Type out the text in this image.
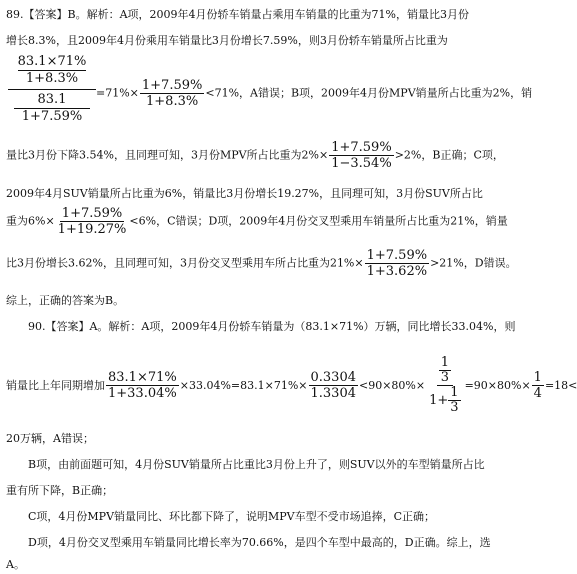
89.【答案】B。解析：A项，2009年4月份轿车销量占乘用车销量的比重为71%，销量比3月份
增长8.3%，且2009年4月份乘用车销量比3月份增长7.59%，则3月份轿车销量所占比重为
83.1×71%
1+8.3%
83.1
1+7.59%
$=71\%\times \frac{1+7.59\%}{1+8.3\%} <71\%$，A错误；B项，2009年4月份MPV销量所占比重为2%，销
量比3月份下降3.54%，且同理可知，3月份MPV所占比重为$2\%\times \frac{1+7.59\%}{1-3.54\%} >2\%$，B正确；C项，
2009年4月SUV销量所占比重为6%，销量比3月份增长19.27%，且同理可知，3月份SUV所占比
重为$6\%\times \frac{1+7.59\%}{1+19.27\%} <6\%$，C错误；D项，2009年4月份交叉型乘用车销量所占比重为21%，销量
比3月份增长3.62%，且同理可知，3月份交叉型乘用车所占比重为$21\%\times \frac{1+7.59\%}{1+3.62\%} >21\%$，D错误。
综上，正确的答案为B。
90.【答案】A。解析：A项，2009年4月份轿车销量为（83.1×71%）万辆，同比增长33.04%，则
销量比上年同期增加 $\frac{83.1\times 71\%}{1+33.04\%} \times 33.04\%=83.1\times 71\%\times \frac{0.3304}{1.3304} <90\times 80\%\times 1$
3
$1+ \frac{1}{3} =90\times 80\%\times \frac{1}{4} =18<$
20万辆，A错误；
B项，由前面题可知，4月份SUV销量所占比重比3月份上升了，则SUV以外的车型销量所占比
重有所下降，B正确；
C项，4月份MPV销量同比、环比都下降了，说明MPV车型不受市场追捧，C正确；
D项，4月份交叉型乘用车销量同比增长率为70.66%，是四个车型中最高的，D正确。综上，选
A。
